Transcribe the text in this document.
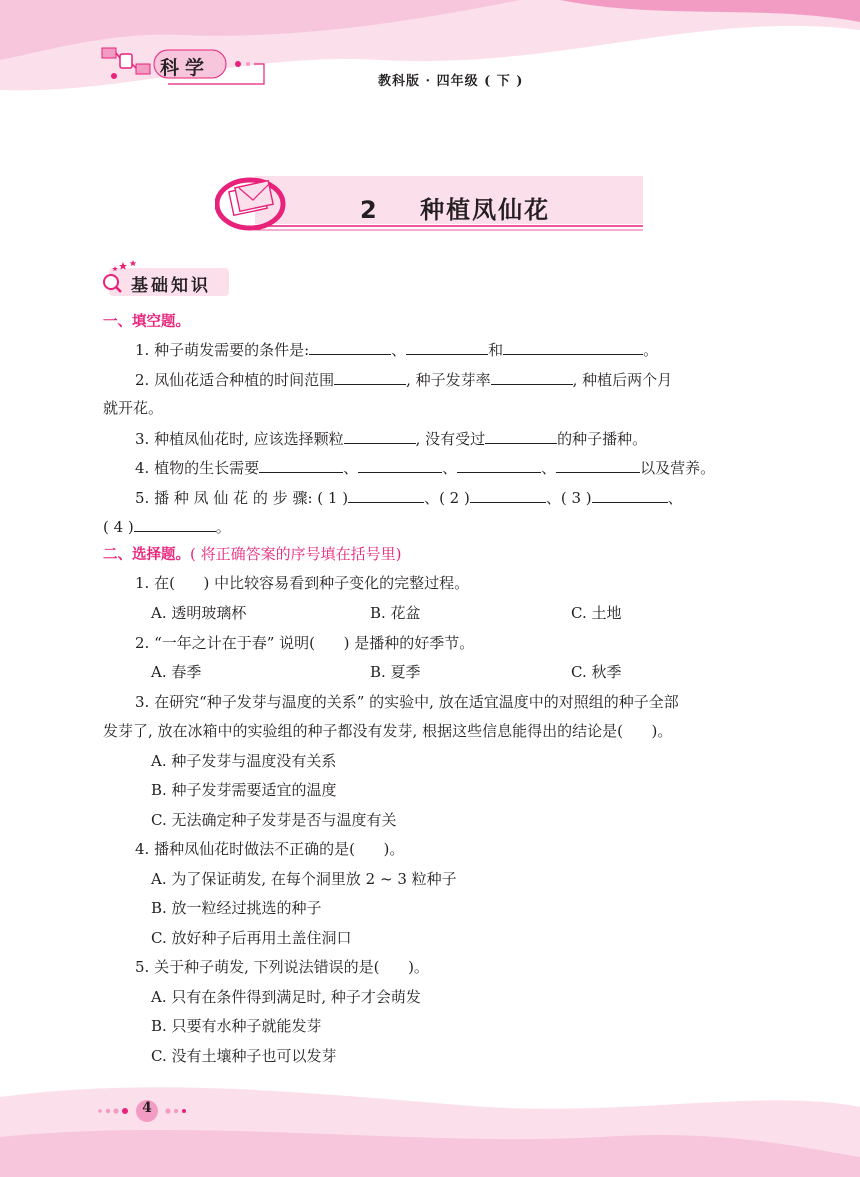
科学
教科版 · 四年级 ( 下 )
2    种植凤仙花
基础知识
一、填空题。
1. 种子萌发需要的条件是:	、	和	。
2. 凤仙花适合种植的时间范围	, 种子发芽率	, 种植后两个月
就开花。
3. 种植凤仙花时, 应该选择颗粒	, 没有受过	的种子播种。
4. 植物的生长需要	、	、	、	以及营养。
5. 播 种 凤 仙 花 的 步 骤: ( 1 )	、( 2 )	、( 3 )	、
( 4 )	。
二、选择题。( 将正确答案的序号填在括号里)
1. 在(      ) 中比较容易看到种子变化的完整过程。
A. 透明玻璃杯	B. 花盆	C. 土地
2. “一年之计在于春” 说明(      ) 是播种的好季节。
A. 春季	B. 夏季	C. 秋季
3. 在研究“种子发芽与温度的关系” 的实验中, 放在适宜温度中的对照组的种子全部
发芽了, 放在冰箱中的实验组的种子都没有发芽, 根据这些信息能得出的结论是(      )。
A. 种子发芽与温度没有关系
B. 种子发芽需要适宜的温度
C. 无法确定种子发芽是否与温度有关
4. 播种凤仙花时做法不正确的是(      )。
A. 为了保证萌发, 在每个洞里放 2 ~ 3 粒种子
B. 放一粒经过挑选的种子
C. 放好种子后再用土盖住洞口
5. 关于种子萌发, 下列说法错误的是(      )。
A. 只有在条件得到满足时, 种子才会萌发
B. 只要有水种子就能发芽
C. 没有土壤种子也可以发芽
4
